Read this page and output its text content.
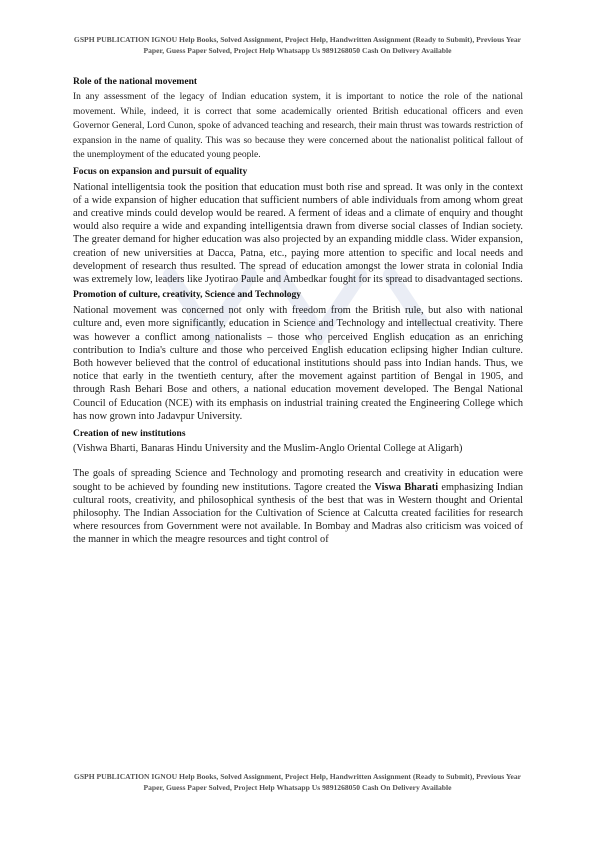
GSPH PUBLICATION IGNOU Help Books, Solved Assignment, Project Help, Handwritten Assignment (Ready to Submit), Previous Year Paper, Guess Paper Solved, Project Help Whatsapp Us 9891268050 Cash On Delivery Available
Role of the national movement

In any assessment of the legacy of Indian education system, it is important to notice the role of the national movement. While, indeed, it is correct that some academically oriented British educational officers and even Governor General, Lord Cunon, spoke of advanced teaching and research, their main thrust was towards restriction of expansion in the name of quality. This was so because they were concerned about the nationalist political fallout of the unemployment of the educated young people.

Focus on expansion and pursuit of equality

National intelligentsia took the position that education must both rise and spread. It was only in the context of a wide expansion of higher education that sufficient numbers of able individuals from among whom great and creative minds could develop would be reared. A ferment of ideas and a climate of enquiry and thought would also require a wide and expanding intelligentsia drawn from diverse social classes of Indian society. The greater demand for higher education was also projected by an expanding middle class. Wider expansion, creation of new universities at Dacca, Patna, etc., paying more attention to specific and local needs and development of research thus resulted. The spread of education amongst the lower strata in colonial India was extremely low, leaders like Jyotirao Paule and Ambedkar fought for its spread to disadvantaged sections.

Promotion of culture, creativity, Science and Technology

National movement was concerned not only with freedom from the British rule, but also with national culture and, even more significantly, education in Science and Technology and intellectual creativity. There was however a conflict among nationalists – those who perceived English education as an enriching contribution to India's culture and those who perceived English education eclipsing higher Indian culture. Both however believed that the control of educational institutions should pass into Indian hands. Thus, we notice that early in the twentieth century, after the movement against partition of Bengal in 1905, and through Rash Behari Bose and others, a national education movement developed. The Bengal National Council of Education (NCE) with its emphasis on industrial training created the Engineering College which has now grown into Jadavpur University.

Creation of new institutions

(Vishwa Bharti, Banaras Hindu University and the Muslim-Anglo Oriental College at Aligarh)

The goals of spreading Science and Technology and promoting research and creativity in education were sought to be achieved by founding new institutions. Tagore created the Viswa Bharati emphasizing Indian cultural roots, creativity, and philosophical synthesis of the best that was in Western thought and Oriental philosophy. The Indian Association for the Cultivation of Science at Calcutta created facilities for research where resources from Government were not available. In Bombay and Madras also criticism was voiced of the manner in which the meagre resources and tight control of

GSPH PUBLICATION IGNOU Help Books, Solved Assignment, Project Help, Handwritten Assignment (Ready to Submit), Previous Year Paper, Guess Paper Solved, Project Help Whatsapp Us 9891268050 Cash On Delivery Available
